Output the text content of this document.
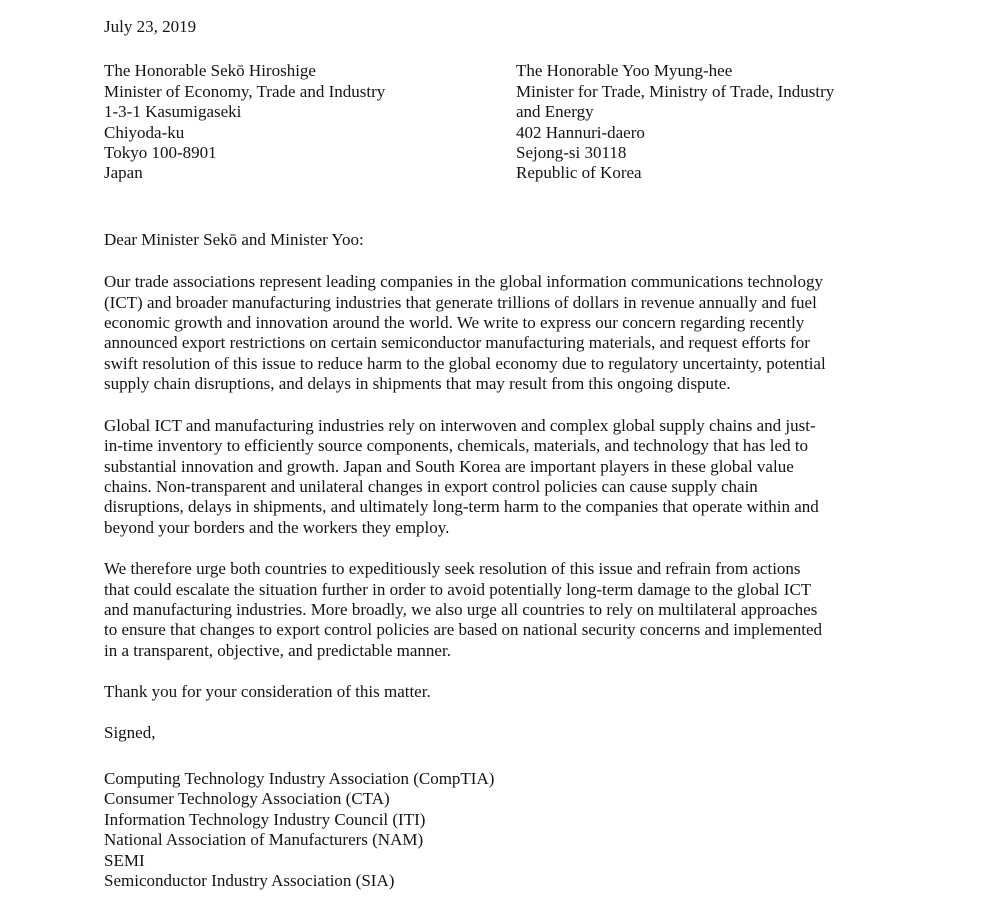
July 23, 2019
The Honorable Sekō Hiroshige
Minister of Economy, Trade and Industry
1-3-1 Kasumigaseki
Chiyoda-ku
Tokyo 100-8901
Japan
The Honorable Yoo Myung-hee
Minister for Trade, Ministry of Trade, Industry
and Energy
402 Hannuri-daero
Sejong-si 30118
Republic of Korea
Dear Minister Sekō and Minister Yoo:
Our trade associations represent leading companies in the global information communications technology
(ICT) and broader manufacturing industries that generate trillions of dollars in revenue annually and fuel
economic growth and innovation around the world. We write to express our concern regarding recently
announced export restrictions on certain semiconductor manufacturing materials, and request efforts for
swift resolution of this issue to reduce harm to the global economy due to regulatory uncertainty, potential
supply chain disruptions, and delays in shipments that may result from this ongoing dispute.
Global ICT and manufacturing industries rely on interwoven and complex global supply chains and just-
in-time inventory to efficiently source components, chemicals, materials, and technology that has led to
substantial innovation and growth. Japan and South Korea are important players in these global value
chains. Non-transparent and unilateral changes in export control policies can cause supply chain
disruptions, delays in shipments, and ultimately long-term harm to the companies that operate within and
beyond your borders and the workers they employ.
We therefore urge both countries to expeditiously seek resolution of this issue and refrain from actions
that could escalate the situation further in order to avoid potentially long-term damage to the global ICT
and manufacturing industries. More broadly, we also urge all countries to rely on multilateral approaches
to ensure that changes to export control policies are based on national security concerns and implemented
in a transparent, objective, and predictable manner.
Thank you for your consideration of this matter.
Signed,
Computing Technology Industry Association (CompTIA)
Consumer Technology Association (CTA)
Information Technology Industry Council (ITI)
National Association of Manufacturers (NAM)
SEMI
Semiconductor Industry Association (SIA)
